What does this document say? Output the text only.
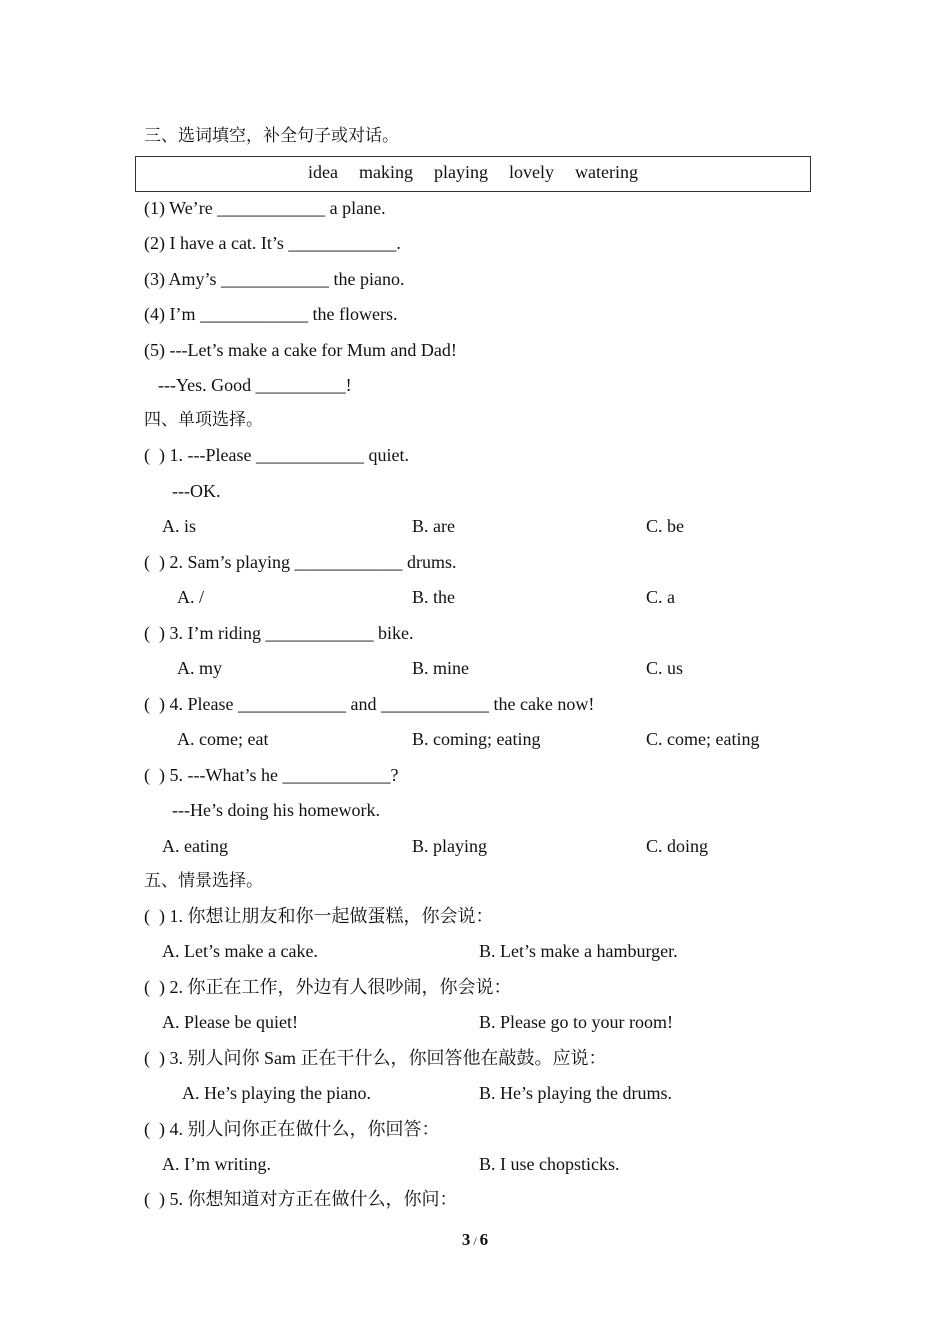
三、选词填空，补全句子或对话。
idea  making  playing  lovely  watering
(1) We’re ____________ a plane.
(2) I have a cat. It’s ____________.
(3) Amy’s ____________ the piano.
(4) I’m ____________ the flowers.
(5) ---Let’s make a cake for Mum and Dad!
---Yes. Good __________!
四、单项选择。
(  ) 1. ---Please ____________ quiet.
---OK.
A. is	B. are	C. be
(  ) 2. Sam’s playing ____________ drums.
A. /	B. the	C. a
(  ) 3. I’m riding ____________ bike.
A. my	B. mine	C. us
(  ) 4. Please ____________ and ____________ the cake now!
A. come; eat	B. coming; eating	C. come; eating
(  ) 5. ---What’s he ____________?
---He’s doing his homework.
A. eating	B. playing	C. doing
五、情景选择。
(  ) 1. 你想让朋友和你一起做蛋糕，你会说：
A. Let’s make a cake.	B. Let’s make a hamburger.
(  ) 2. 你正在工作，外边有人很吵闹，你会说：
A. Please be quiet!	B. Please go to your room!
(  ) 3. 别人问你 Sam 正在干什么，你回答他在敲鼓。应说：
A. He’s playing the piano.	B. He’s playing the drums.
(  ) 4. 别人问你正在做什么，你回答：
A. I’m writing.	B. I use chopsticks.
(  ) 5. 你想知道对方正在做什么，你问：
3 / 6
